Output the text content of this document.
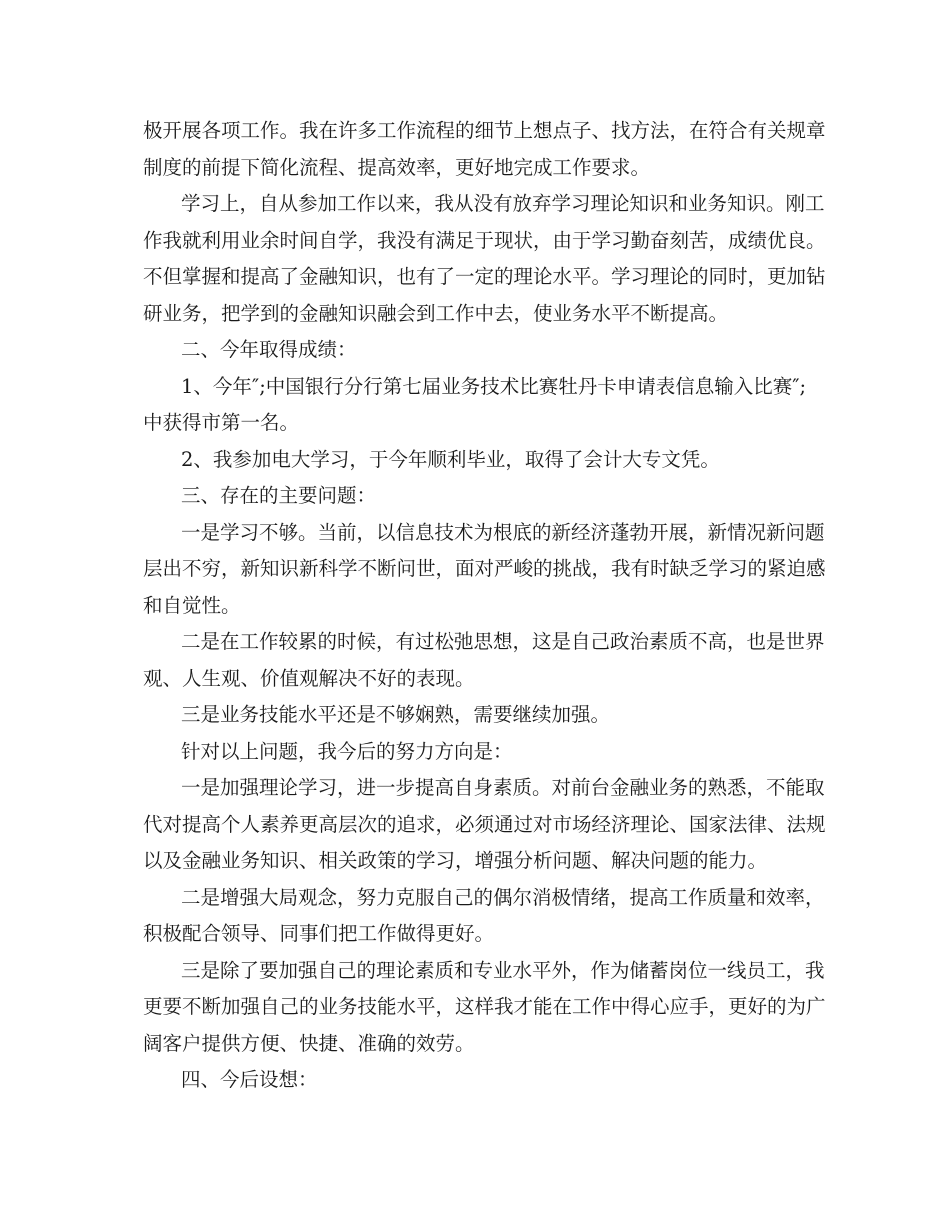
极开展各项工作。我在许多工作流程的细节上想点子、找方法，在符合有关规章
制度的前提下简化流程、提高效率，更好地完成工作要求。
学习上，自从参加工作以来，我从没有放弃学习理论知识和业务知识。刚工
作我就利用业余时间自学，我没有满足于现状，由于学习勤奋刻苦，成绩优良。
不但掌握和提高了金融知识，也有了一定的理论水平。学习理论的同时，更加钻
研业务，把学到的金融知识融会到工作中去，使业务水平不断提高。
二、今年取得成绩：
1、今年″;中国银行分行第七届业务技术比赛牡丹卡申请表信息输入比赛″;
中获得市第一名。
2、我参加电大学习，于今年顺利毕业，取得了会计大专文凭。
三、存在的主要问题：
一是学习不够。当前，以信息技术为根底的新经济蓬勃开展，新情况新问题
层出不穷，新知识新科学不断问世，面对严峻的挑战，我有时缺乏学习的紧迫感
和自觉性。
二是在工作较累的时候，有过松弛思想，这是自己政治素质不高，也是世界
观、人生观、价值观解决不好的表现。
三是业务技能水平还是不够娴熟，需要继续加强。
针对以上问题，我今后的努力方向是：
一是加强理论学习，进一步提高自身素质。对前台金融业务的熟悉，不能取
代对提高个人素养更高层次的追求，必须通过对市场经济理论、国家法律、法规
以及金融业务知识、相关政策的学习，增强分析问题、解决问题的能力。
二是增强大局观念，努力克服自己的偶尔消极情绪，提高工作质量和效率，
积极配合领导、同事们把工作做得更好。
三是除了要加强自己的理论素质和专业水平外，作为储蓄岗位一线员工，我
更要不断加强自己的业务技能水平，这样我才能在工作中得心应手，更好的为广
阔客户提供方便、快捷、准确的效劳。
四、今后设想：
